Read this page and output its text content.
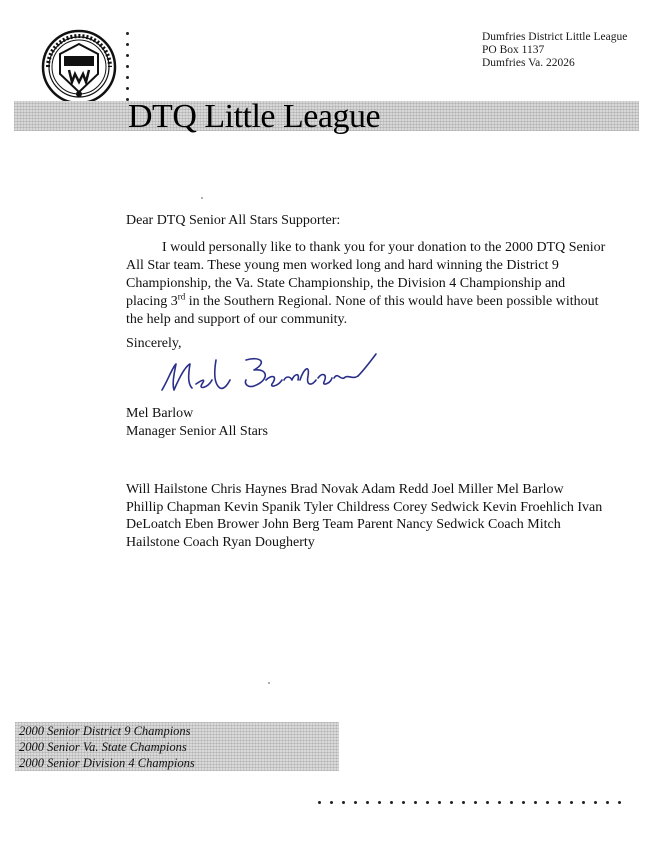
Dumfries District Little League
PO Box 1137
Dumfries Va. 22026
DTQ Little League
Dear DTQ Senior All Stars Supporter:
I would personally like to thank you for your donation to the 2000 DTQ Senior All Star team. These young men worked long and hard winning the District 9 Championship, the Va. State Championship, the Division 4 Championship and placing 3rd in the Southern Regional. None of this would have been possible without the help and support of our community.
Sincerely,
Mel Barlow
Manager Senior All Stars
Will Hailstone Chris Haynes Brad Novak Adam Redd Joel Miller Mel Barlow Phillip Chapman Kevin Spanik Tyler Childress Corey Sedwick Kevin Froehlich Ivan DeLoatch Eben Brower John Berg Team Parent Nancy Sedwick Coach Mitch Hailstone Coach Ryan Dougherty
2000 Senior District 9 Champions
2000 Senior Va. State Champions
2000 Senior Division 4 Champions
